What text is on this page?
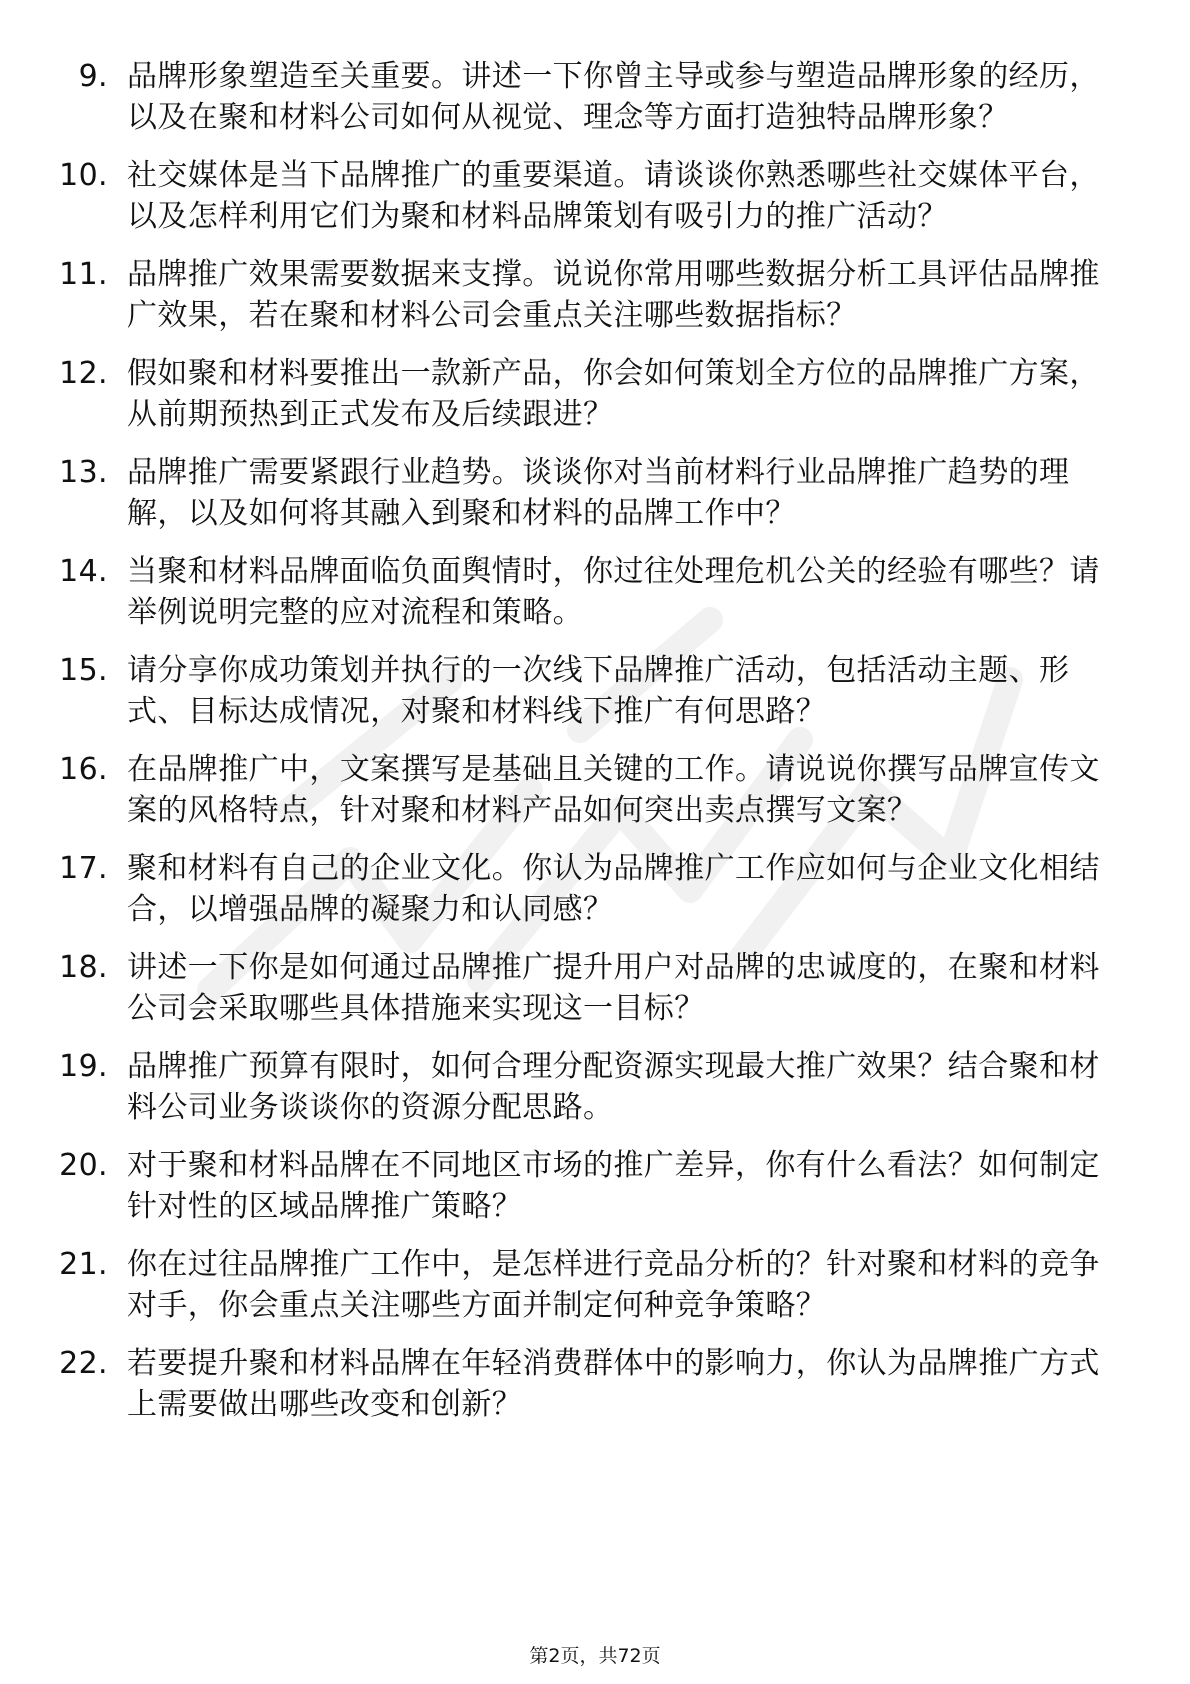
9. 品牌形象塑造至关重要。讲述一下你曾主导或参与塑造品牌形象的经历，以及在聚和材料公司如何从视觉、理念等方面打造独特品牌形象？
10. 社交媒体是当下品牌推广的重要渠道。请谈谈你熟悉哪些社交媒体平台，以及怎样利用它们为聚和材料品牌策划有吸引力的推广活动？
11. 品牌推广效果需要数据来支撑。说说你常用哪些数据分析工具评估品牌推广效果，若在聚和材料公司会重点关注哪些数据指标？
12. 假如聚和材料要推出一款新产品，你会如何策划全方位的品牌推广方案，从前期预热到正式发布及后续跟进？
13. 品牌推广需要紧跟行业趋势。谈谈你对当前材料行业品牌推广趋势的理解，以及如何将其融入到聚和材料的品牌工作中？
14. 当聚和材料品牌面临负面舆情时，你过往处理危机公关的经验有哪些？请举例说明完整的应对流程和策略。
15. 请分享你成功策划并执行的一次线下品牌推广活动，包括活动主题、形式、目标达成情况，对聚和材料线下推广有何思路？
16. 在品牌推广中，文案撰写是基础且关键的工作。请说说你撰写品牌宣传文案的风格特点，针对聚和材料产品如何突出卖点撰写文案？
17. 聚和材料有自己的企业文化。你认为品牌推广工作应如何与企业文化相结合，以增强品牌的凝聚力和认同感？
18. 讲述一下你是如何通过品牌推广提升用户对品牌的忠诚度的，在聚和材料公司会采取哪些具体措施来实现这一目标？
19. 品牌推广预算有限时，如何合理分配资源实现最大推广效果？结合聚和材料公司业务谈谈你的资源分配思路。
20. 对于聚和材料品牌在不同地区市场的推广差异，你有什么看法？如何制定针对性的区域品牌推广策略？
21. 你在过往品牌推广工作中，是怎样进行竞品分析的？针对聚和材料的竞争对手，你会重点关注哪些方面并制定何种竞争策略？
22. 若要提升聚和材料品牌在年轻消费群体中的影响力，你认为品牌推广方式上需要做出哪些改变和创新？
第2页，共72页
